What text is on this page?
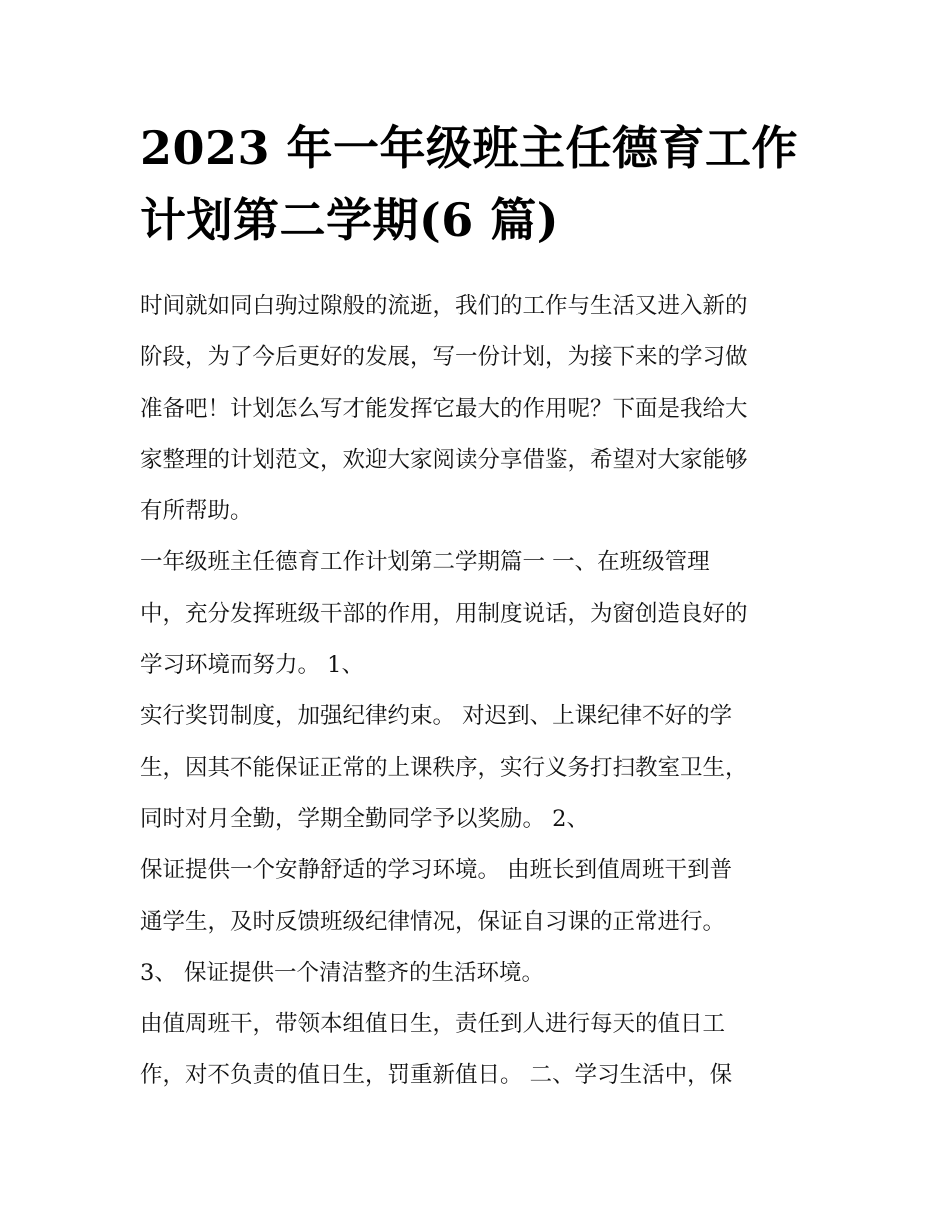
2023 年一年级班主任德育工作
计划第二学期(6 篇)
时间就如同白驹过隙般的流逝，我们的工作与生活又进入新的
阶段，为了今后更好的发展，写一份计划，为接下来的学习做
准备吧！计划怎么写才能发挥它最大的作用呢？下面是我给大
家整理的计划范文，欢迎大家阅读分享借鉴，希望对大家能够
有所帮助。
一年级班主任德育工作计划第二学期篇一 一、在班级管理
中，充分发挥班级干部的作用，用制度说话，为窗创造良好的
学习环境而努力。 1、
实行奖罚制度，加强纪律约束。 对迟到、上课纪律不好的学
生，因其不能保证正常的上课秩序，实行义务打扫教室卫生，
同时对月全勤，学期全勤同学予以奖励。 2、
保证提供一个安静舒适的学习环境。 由班长到值周班干到普
通学生，及时反馈班级纪律情况，保证自习课的正常进行。
3、 保证提供一个清洁整齐的生活环境。
由值周班干，带领本组值日生，责任到人进行每天的值日工
作，对不负责的值日生，罚重新值日。 二、学习生活中，保
